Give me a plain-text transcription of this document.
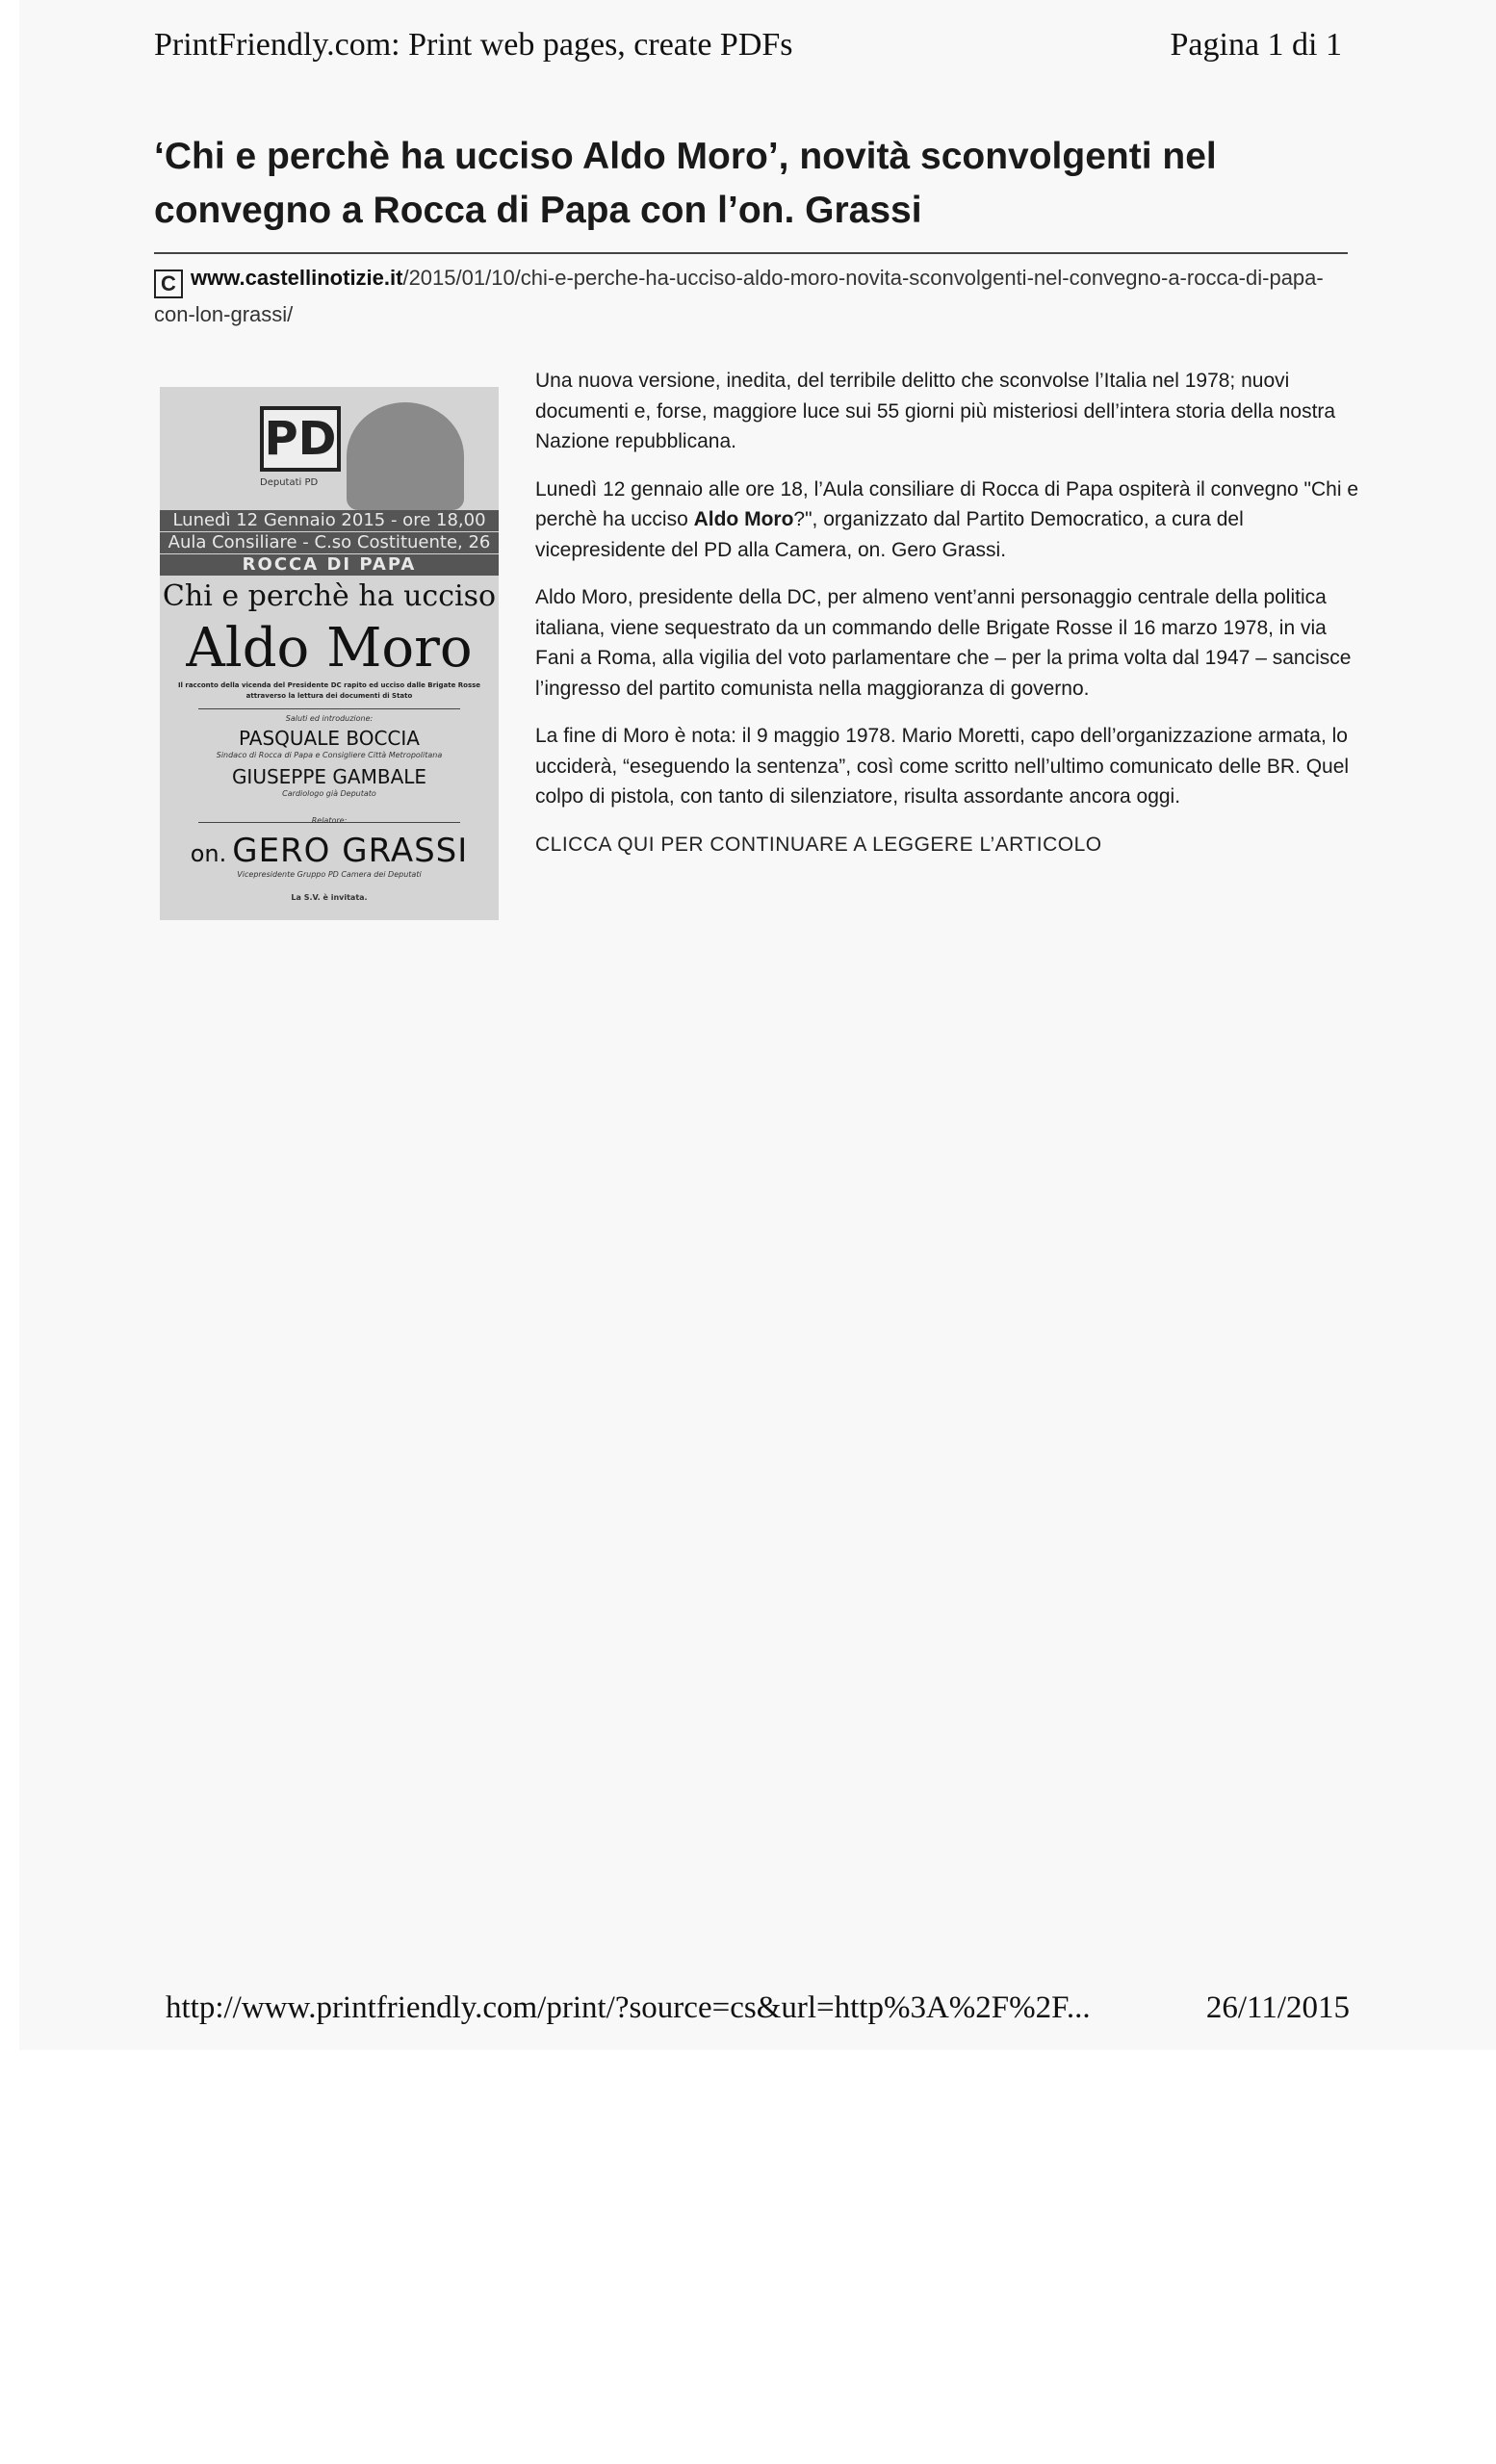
PrintFriendly.com: Print web pages, create PDFs	Pagina 1 di 1
‘Chi e perchè ha ucciso Aldo Moro’, novità sconvolgenti nel convegno a Rocca di Papa con l’on. Grassi
C www.castellinotizie.it/2015/01/10/chi-e-perche-ha-ucciso-aldo-moro-novita-sconvolgenti-nel-convegno-a-rocca-di-papa-con-lon-grassi/
PD
Deputati PD
Lunedì 12 Gennaio 2015 - ore 18,00
Aula Consiliare - C.so Costituente, 26
ROCCA DI PAPA
Chi e perchè ha ucciso
Aldo Moro
Il racconto della vicenda del Presidente DC rapito ed ucciso dalle Brigate Rosse attraverso la lettura dei documenti di Stato
Saluti ed introduzione:
PASQUALE BOCCIA
Sindaco di Rocca di Papa e Consigliere Città Metropolitana
GIUSEPPE GAMBALE
Cardiologo già Deputato
Relatore:
on. GERO GRASSI
Vicepresidente Gruppo PD Camera dei Deputati
La S.V. è invitata.

Una nuova versione, inedita, del terribile delitto che sconvolse l’Italia nel 1978; nuovi documenti e, forse, maggiore luce sui 55 giorni più misteriosi dell’intera storia della nostra Nazione repubblicana.

Lunedì 12 gennaio alle ore 18, l’Aula consiliare di Rocca di Papa ospiterà il convegno "Chi e perchè ha ucciso Aldo Moro?", organizzato dal Partito Democratico, a cura del vicepresidente del PD alla Camera, on. Gero Grassi.

Aldo Moro, presidente della DC, per almeno vent’anni personaggio centrale della politica italiana, viene sequestrato da un commando delle Brigate Rosse il 16 marzo 1978, in via Fani a Roma, alla vigilia del voto parlamentare che – per la prima volta dal 1947 – sancisce l’ingresso del partito comunista nella maggioranza di governo.

La fine di Moro è nota: il 9 maggio 1978. Mario Moretti, capo dell’organizzazione armata, lo ucciderà, “eseguendo la sentenza”, così come scritto nell’ultimo comunicato delle BR. Quel colpo di pistola, con tanto di silenziatore, risulta assordante ancora oggi.

CLICCA QUI PER CONTINUARE A LEGGERE L’ARTICOLO
http://www.printfriendly.com/print/?source=cs&url=http%3A%2F%2F...	26/11/2015
